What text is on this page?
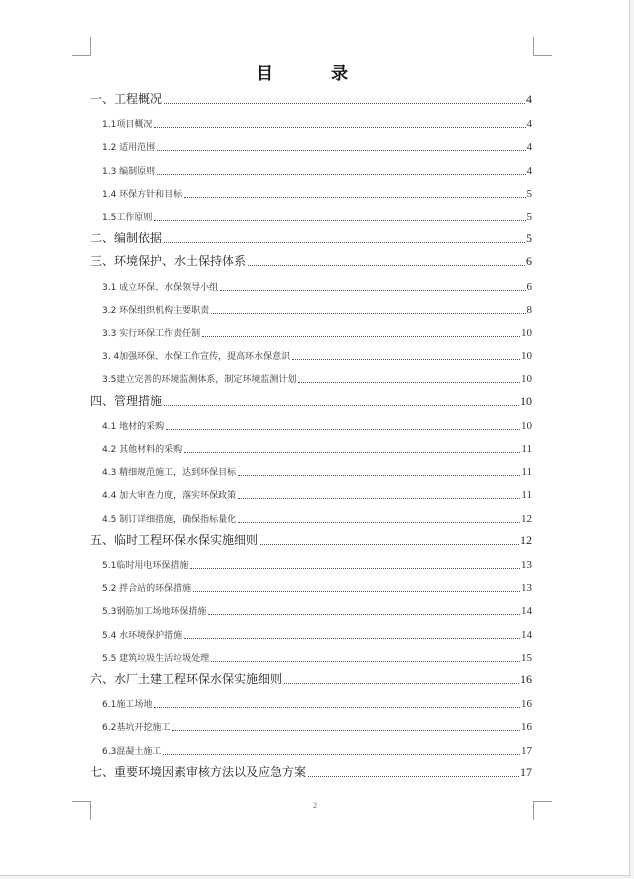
目 录
一、工程概况	4
1.1项目概况	4
1.2 适用范围	4
1.3 编制原则	4
1.4 环保方针和目标	5
1.5工作原则	5
二、编制依据	5
三、环境保护、水土保持体系	6
3.1 成立环保、水保领导小组	6
3.2 环保组织机构主要职责	8
3.3 实行环保工作责任制	10
3. 4加强环保、水保工作宣传，提高环水保意识	10
3.5建立完善的环境监测体系，制定环境监测计划	10
四、管理措施	10
4.1 地材的采购	10
4.2 其他材料的采购	11
4.3 精细规范施工，达到环保目标	11
4.4 加大审查力度，落实环保政策	11
4.5 制订详细措施，确保指标量化	12
五、临时工程环保水保实施细则	12
5.1临时用电环保措施	13
5.2 拌合站的环保措施	13
5.3钢筋加工场地环保措施	14
5.4 水环境保护措施	14
5.5 建筑垃圾生活垃圾处理	15
六、水厂土建工程环保水保实施细则	16
6.1施工场地	16
6.2基坑开挖施工	16
6.3混凝土施工	17
七、重要环境因素审核方法以及应急方案	17
2
